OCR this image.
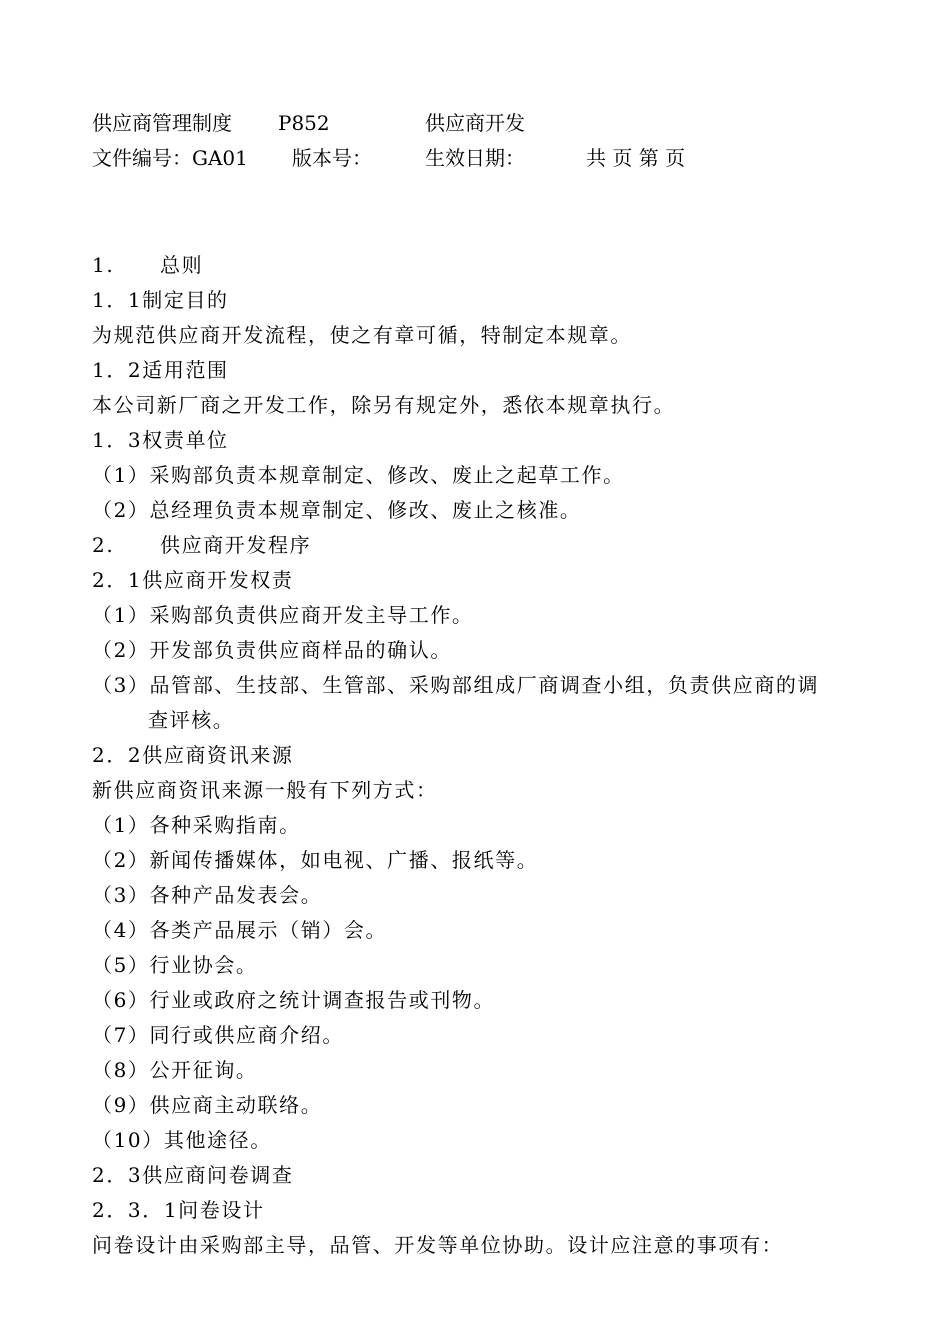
供应商管理制度 P852	供应商开发
文件编号：GA01 版本号：	生效日期：	共 页 第 页
1. 总则
1．1制定目的
为规范供应商开发流程，使之有章可循，特制定本规章。
1．2适用范围
本公司新厂商之开发工作，除另有规定外，悉依本规章执行。
1．3权责单位
（1）采购部负责本规章制定、修改、废止之起草工作。
（2）总经理负责本规章制定、修改、废止之核准。
2. 供应商开发程序
2．1供应商开发权责
（1）采购部负责供应商开发主导工作。
（2）开发部负责供应商样品的确认。
（3）品管部、生技部、生管部、采购部组成厂商调查小组，负责供应商的调
查评核。
2．2供应商资讯来源
新供应商资讯来源一般有下列方式：
（1）各种采购指南。
（2）新闻传播媒体，如电视、广播、报纸等。
（3）各种产品发表会。
（4）各类产品展示（销）会。
（5）行业协会。
（6）行业或政府之统计调查报告或刊物。
（7）同行或供应商介绍。
（8）公开征询。
（9）供应商主动联络。
（10）其他途径。
2．3供应商问卷调查
2．3．1问卷设计
问卷设计由采购部主导，品管、开发等单位协助。设计应注意的事项有：
